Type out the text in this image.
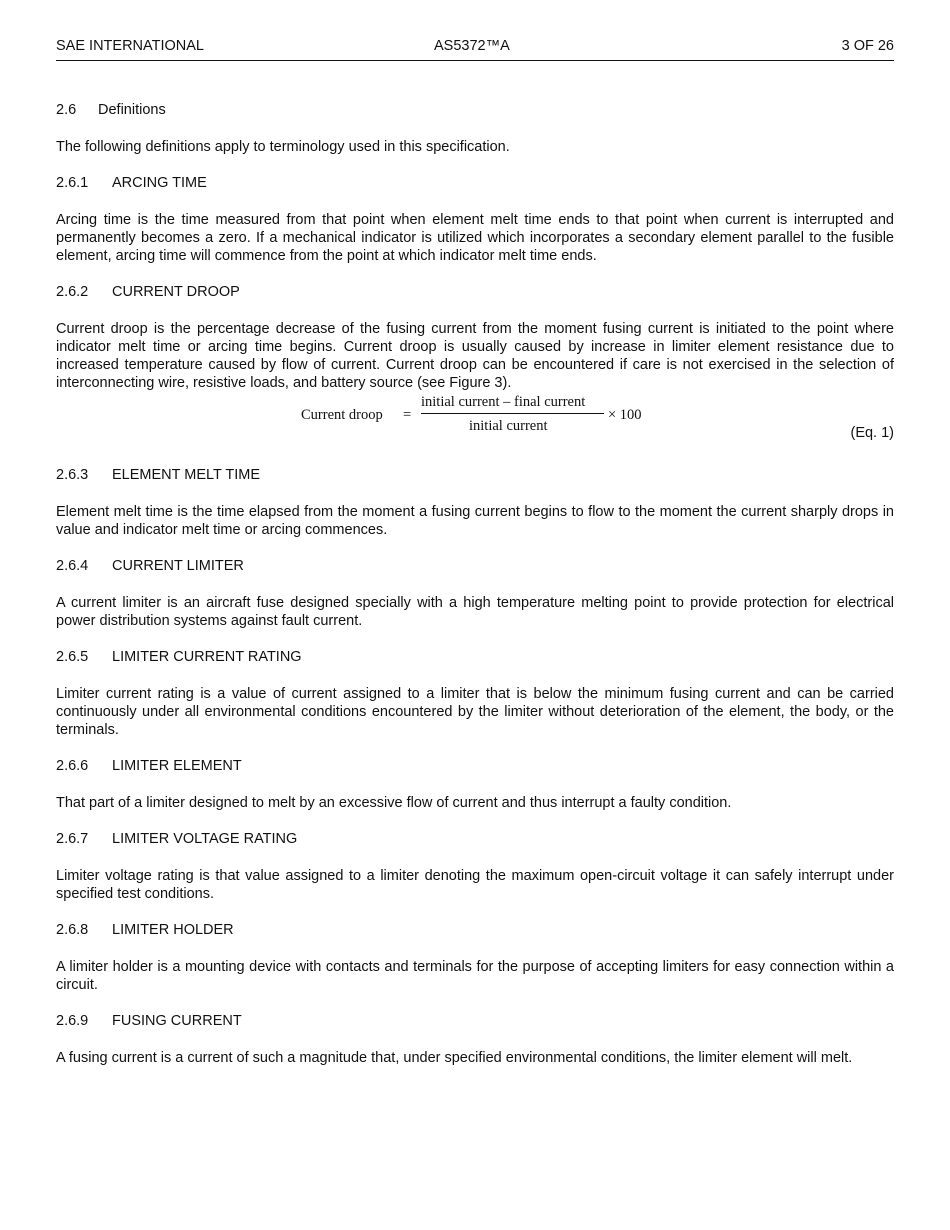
SAE INTERNATIONAL	AS5372™A	3 OF 26

2.6 Definitions

The following definitions apply to terminology used in this specification.

2.6.1 ARCING TIME

Arcing time is the time measured from that point when element melt time ends to that point when current is interrupted and permanently becomes a zero. If a mechanical indicator is utilized which incorporates a secondary element parallel to the fusible element, arcing time will commence from the point at which indicator melt time ends.

2.6.2 CURRENT DROOP

Current droop is the percentage decrease of the fusing current from the moment fusing current is initiated to the point where indicator melt time or arcing time begins. Current droop is usually caused by increase in limiter element resistance due to increased temperature caused by flow of current. Current droop can be encountered if care is not exercised in the selection of interconnecting wire, resistive loads, and battery source (see Figure 3).

Current droop =
initial current – final current
initial current
× 100
(Eq. 1)

2.6.3 ELEMENT MELT TIME

Element melt time is the time elapsed from the moment a fusing current begins to flow to the moment the current sharply drops in value and indicator melt time or arcing commences.

2.6.4 CURRENT LIMITER

A current limiter is an aircraft fuse designed specially with a high temperature melting point to provide protection for electrical power distribution systems against fault current.

2.6.5 LIMITER CURRENT RATING

Limiter current rating is a value of current assigned to a limiter that is below the minimum fusing current and can be carried continuously under all environmental conditions encountered by the limiter without deterioration of the element, the body, or the terminals.

2.6.6 LIMITER ELEMENT

That part of a limiter designed to melt by an excessive flow of current and thus interrupt a faulty condition.

2.6.7 LIMITER VOLTAGE RATING

Limiter voltage rating is that value assigned to a limiter denoting the maximum open-circuit voltage it can safely interrupt under specified test conditions.

2.6.8 LIMITER HOLDER

A limiter holder is a mounting device with contacts and terminals for the purpose of accepting limiters for easy connection within a circuit.

2.6.9 FUSING CURRENT

A fusing current is a current of such a magnitude that, under specified environmental conditions, the limiter element will melt.
